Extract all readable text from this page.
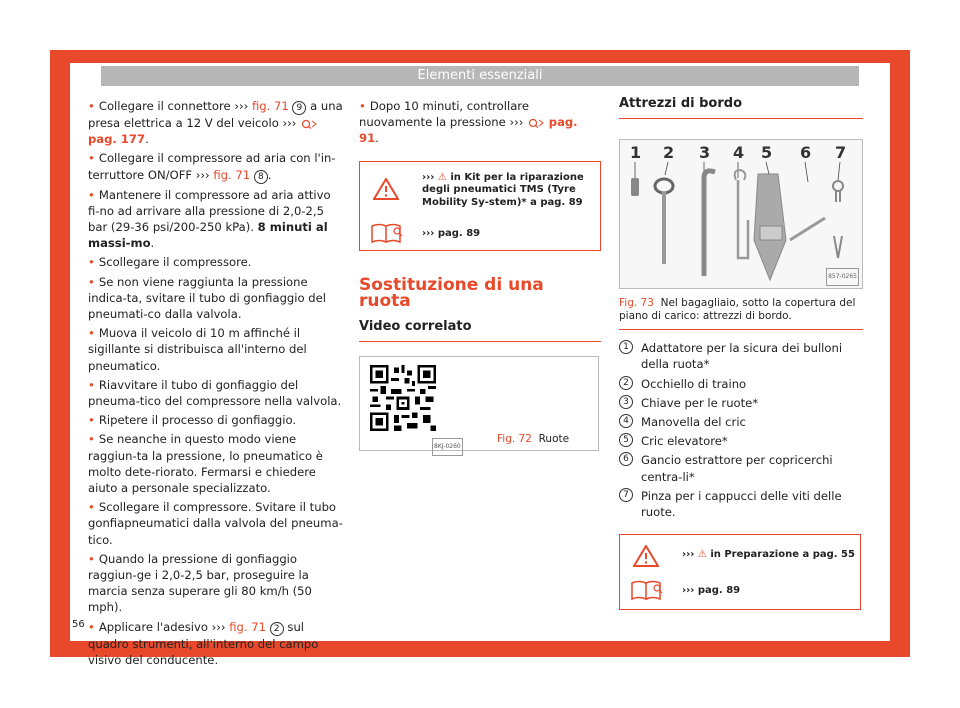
Elementi essenziali
• Collegare il connettore ››› fig. 71 9 a una presa elettrica a 12 V del veicolo ›››  pag. 177.
• Collegare il compressore ad aria con l'in-terruttore ON/OFF ››› fig. 71 8 .
• Mantenere il compressore ad aria attivo fi-no ad arrivare alla pressione di 2,0-2,5 bar (29-36 psi/200-250 kPa). 8 minuti al massi-mo.
• Scollegare il compressore.
• Se non viene raggiunta la pressione indica-ta, svitare il tubo di gonfiaggio del pneumati-co dalla valvola.
• Muova il veicolo di 10 m affinché il sigillante si distribuisca all'interno del pneumatico.
• Riavvitare il tubo di gonfiaggio del pneuma-tico del compressore nella valvola.
• Ripetere il processo di gonfiaggio.
• Se neanche in questo modo viene raggiun-ta la pressione, lo pneumatico è molto dete-riorato. Fermarsi e chiedere aiuto a personale specializzato.
• Scollegare il compressore. Svitare il tubo gonfiapneumatici dalla valvola del pneuma-tico.
• Quando la pressione di gonfiaggio raggiun-ge i 2,0-2,5 bar, proseguire la marcia senza superare gli 80 km/h (50 mph).
• Applicare l'adesivo ››› fig. 71 2 sul quadro strumenti, all'interno del campo visivo del conducente.
56
• Dopo 10 minuti, controllare nuovamente la pressione ›››  pag. 91.
››› ⚠ in Kit per la riparazione degli pneumatici TMS (Tyre Mobility Sy-stem)* a pag. 89
››› pag. 89
Sostituzione di una ruota
Video correlato
8KJ-0260
Fig. 72 Ruote
Attrezzi di bordo
1 2 3 4 5 6 7
857-0265
Fig. 73 Nel bagagliaio, sotto la copertura del piano di carico: attrezzi di bordo.
1	Adattatore per la sicura dei bulloni della ruota*
2	Occhiello di traino
3	Chiave per le ruote*
4	Manovella del cric
5	Cric elevatore*
6	Gancio estrattore per copricerchi centra-li*
7	Pinza per i cappucci delle viti delle ruote.
››› ⚠ in Preparazione a pag. 55
››› pag. 89
